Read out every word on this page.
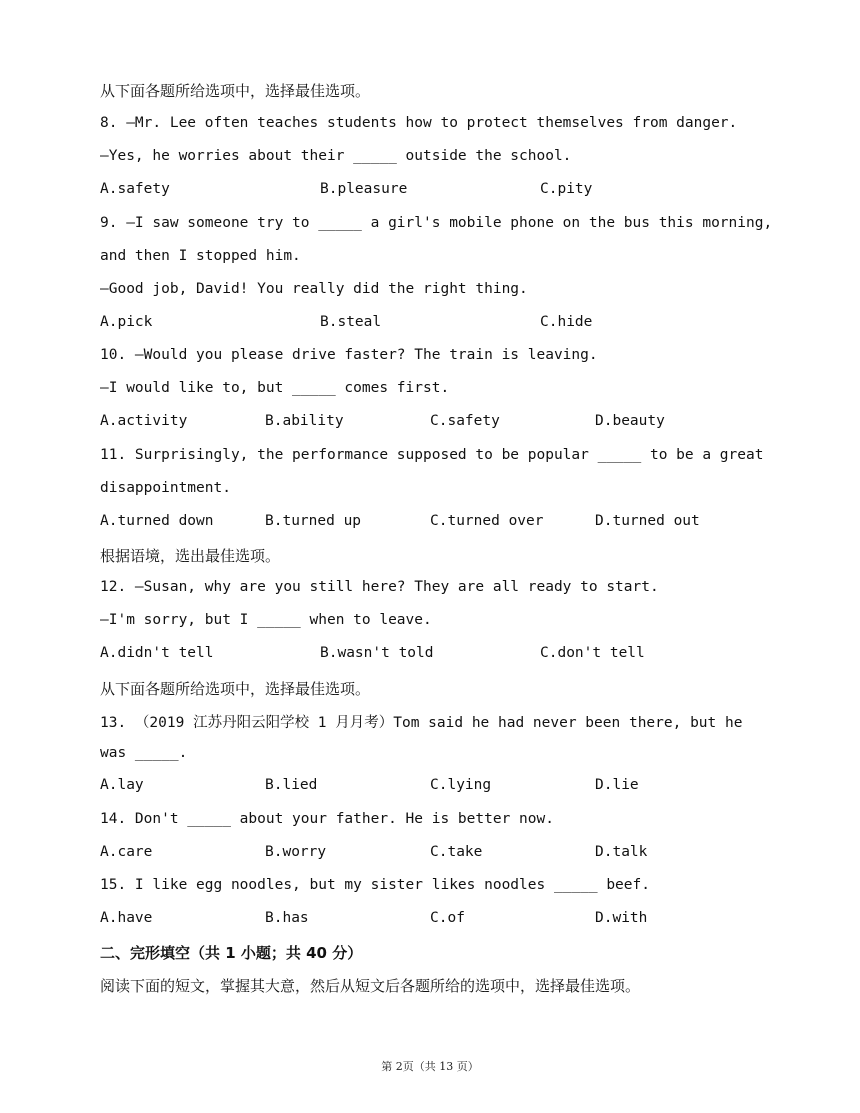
从下面各题所给选项中，选择最佳选项。
8. —Mr. Lee often teaches students how to protect themselves from danger.
—Yes, he worries about their _____ outside the school.
A.safety	B.pleasure	C.pity
9. —I saw someone try to _____ a girl's mobile phone on the bus this morning,
and then I stopped him.
—Good job, David! You really did the right thing.
A.pick	B.steal	C.hide
10. —Would you please drive faster? The train is leaving.
—I would like to, but _____ comes first.
A.activity	B.ability	C.safety	D.beauty
11. Surprisingly, the performance supposed to be popular _____ to be a great
disappointment.
A.turned down	B.turned up	C.turned over	D.turned out
根据语境，选出最佳选项。
12. —Susan, why are you still here? They are all ready to start.
—I'm sorry, but I _____ when to leave.
A.didn't tell	B.wasn't told	C.don't tell
从下面各题所给选项中，选择最佳选项。
13. （2019 江苏丹阳云阳学校 1 月月考）Tom said he had never been there, but he
was _____.
A.lay	B.lied	C.lying	D.lie
14. Don't _____ about your father. He is better now.
A.care	B.worry	C.take	D.talk
15. I like egg noodles, but my sister likes noodles _____ beef.
A.have	B.has	C.of	D.with
二、完形填空（共 1 小题；共 40 分）
阅读下面的短文，掌握其大意，然后从短文后各题所给的选项中，选择最佳选项。
第 2页（共 13 页）
